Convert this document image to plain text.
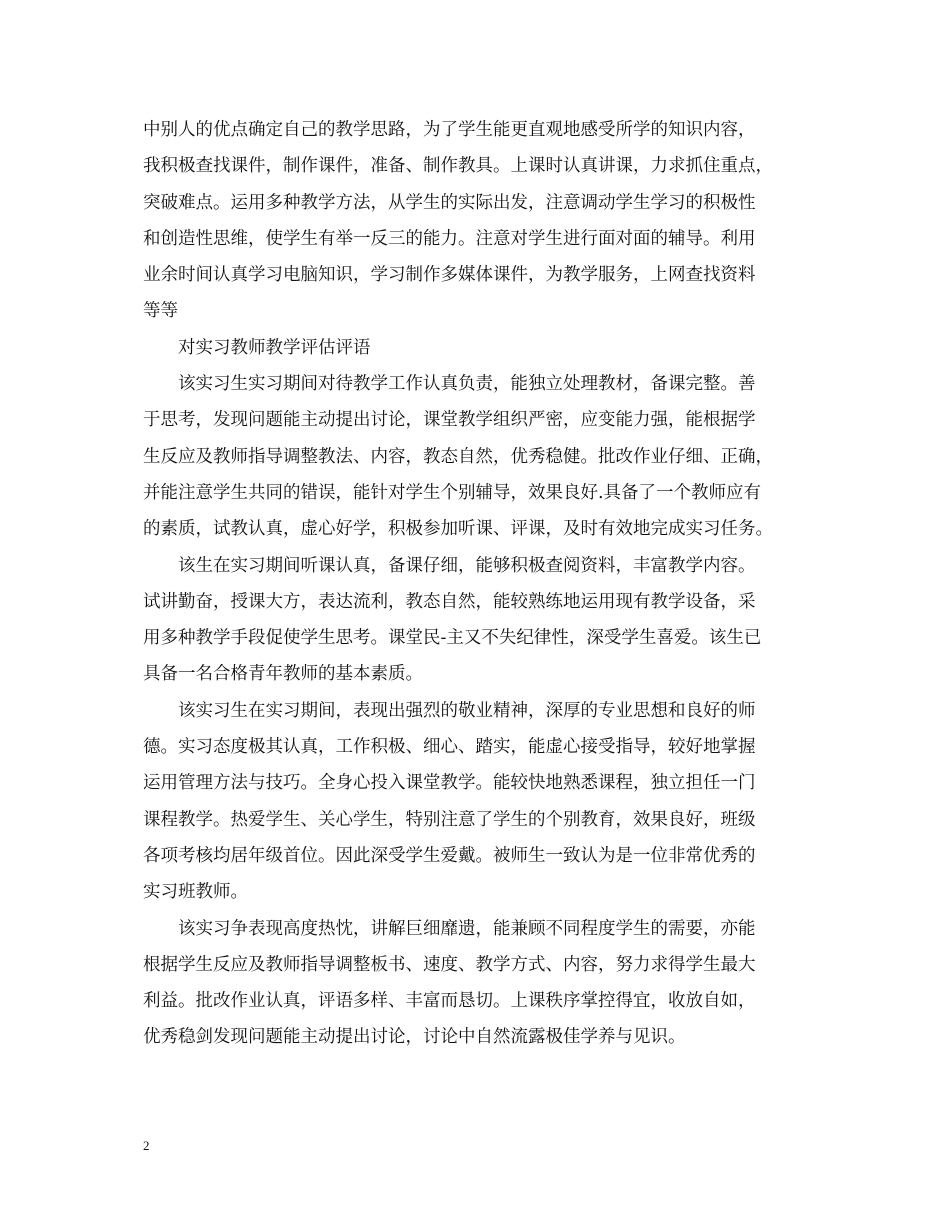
中别人的优点确定自己的教学思路，为了学生能更直观地感受所学的知识内容，
我积极查找课件，制作课件，准备、制作教具。上课时认真讲课，力求抓住重点，
突破难点。运用多种教学方法，从学生的实际出发，注意调动学生学习的积极性
和创造性思维，使学生有举一反三的能力。注意对学生进行面对面的辅导。利用
业余时间认真学习电脑知识，学习制作多媒体课件，为教学服务，上网查找资料
等等
对实习教师教学评估评语
该实习生实习期间对待教学工作认真负责，能独立处理教材，备课完整。善
于思考，发现问题能主动提出讨论，课堂教学组织严密，应变能力强，能根据学
生反应及教师指导调整教法、内容，教态自然，优秀稳健。批改作业仔细、正确，
并能注意学生共同的错误，能针对学生个别辅导，效果良好.具备了一个教师应有
的素质，试教认真，虚心好学，积极参加听课、评课，及时有效地完成实习任务。
该生在实习期间听课认真，备课仔细，能够积极查阅资料，丰富教学内容。
试讲勤奋，授课大方，表达流利，教态自然，能较熟练地运用现有教学设备，采
用多种教学手段促使学生思考。课堂民-主又不失纪律性，深受学生喜爱。该生已
具备一名合格青年教师的基本素质。
该实习生在实习期间，表现出强烈的敬业精神，深厚的专业思想和良好的师
德。实习态度极其认真，工作积极、细心、踏实，能虚心接受指导，较好地掌握
运用管理方法与技巧。全身心投入课堂教学。能较快地熟悉课程，独立担任一门
课程教学。热爱学生、关心学生，特别注意了学生的个别教育，效果良好，班级
各项考核均居年级首位。因此深受学生爱戴。被师生一致认为是一位非常优秀的
实习班教师。
该实习争表现高度热忱，讲解巨细靡遗，能兼顾不同程度学生的需要，亦能
根据学生反应及教师指导调整板书、速度、教学方式、内容，努力求得学生最大
利益。批改作业认真，评语多样、丰富而恳切。上课秩序掌控得宜，收放自如，
优秀稳剑发现问题能主动提出讨论，讨论中自然流露极佳学养与见识。
2
